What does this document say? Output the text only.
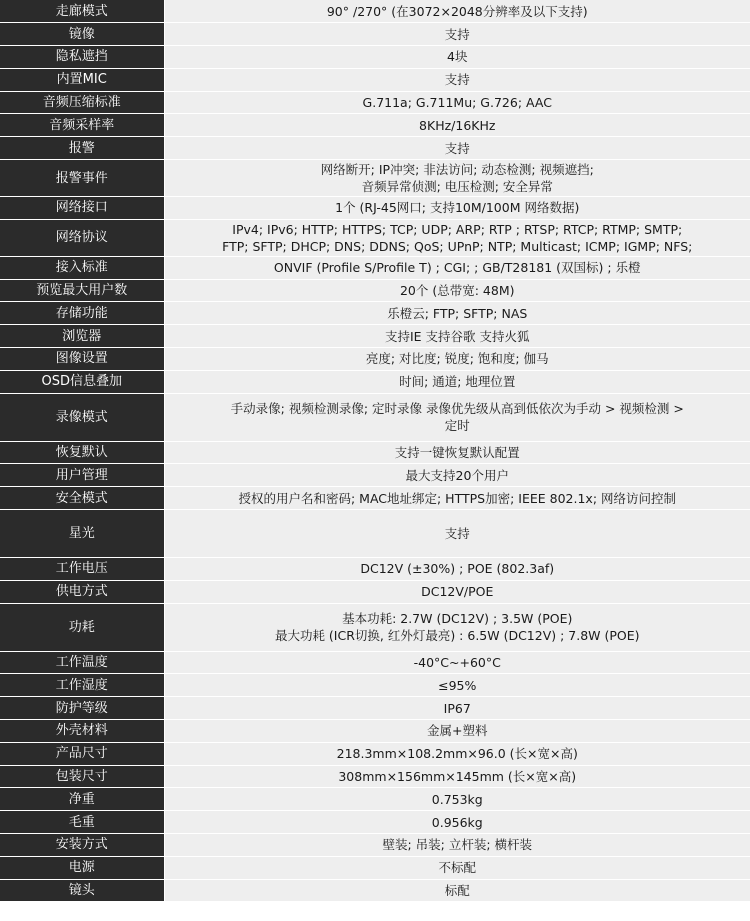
走廊模式	90° /270° (在3072×2048分辨率及以下支持)
镜像	支持
隐私遮挡	4块
内置MIC	支持
音频压缩标准	G.711a; G.711Mu; G.726; AAC
音频采样率	8KHz/16KHz
报警	支持
报警事件	网络断开; IP冲突; 非法访问; 动态检测; 视频遮挡;
音频异常侦测; 电压检测; 安全异常
网络接口	1个 (RJ-45网口; 支持10M/100M 网络数据)
网络协议	IPv4; IPv6; HTTP; HTTPS; TCP; UDP; ARP; RTP ; RTSP; RTCP; RTMP; SMTP;
FTP; SFTP; DHCP; DNS; DDNS; QoS; UPnP; NTP; Multicast; ICMP; IGMP; NFS;
接入标准	ONVIF (Profile S/Profile T) ; CGI; ; GB/T28181 (双国标) ; 乐橙
预览最大用户数	20个 (总带宽: 48M)
存储功能	乐橙云; FTP; SFTP; NAS
浏览器	支持IE 支持谷歌 支持火狐
图像设置	亮度; 对比度; 锐度; 饱和度; 伽马
OSD信息叠加	时间; 通道; 地理位置
录像模式	手动录像; 视频检测录像; 定时录像 录像优先级从高到低依次为手动 > 视频检测 >
定时
恢复默认	支持一键恢复默认配置
用户管理	最大支持20个用户
安全模式	授权的用户名和密码; MAC地址绑定; HTTPS加密; IEEE 802.1x; 网络访问控制
星光	支持
工作电压	DC12V (±30%) ; POE (802.3af)
供电方式	DC12V/POE
功耗	基本功耗: 2.7W (DC12V) ; 3.5W (POE)
最大功耗 (ICR切换, 红外灯最亮) : 6.5W (DC12V) ; 7.8W (POE)
工作温度	-40°C~+60°C
工作湿度	≤95%
防护等级	IP67
外壳材料	金属+塑料
产品尺寸	218.3mm×108.2mm×96.0 (长×宽×高)
包装尺寸	308mm×156mm×145mm (长×宽×高)
净重	0.753kg
毛重	0.956kg
安装方式	壁装; 吊装; 立杆装; 横杆装
电源	不标配
镜头	标配
